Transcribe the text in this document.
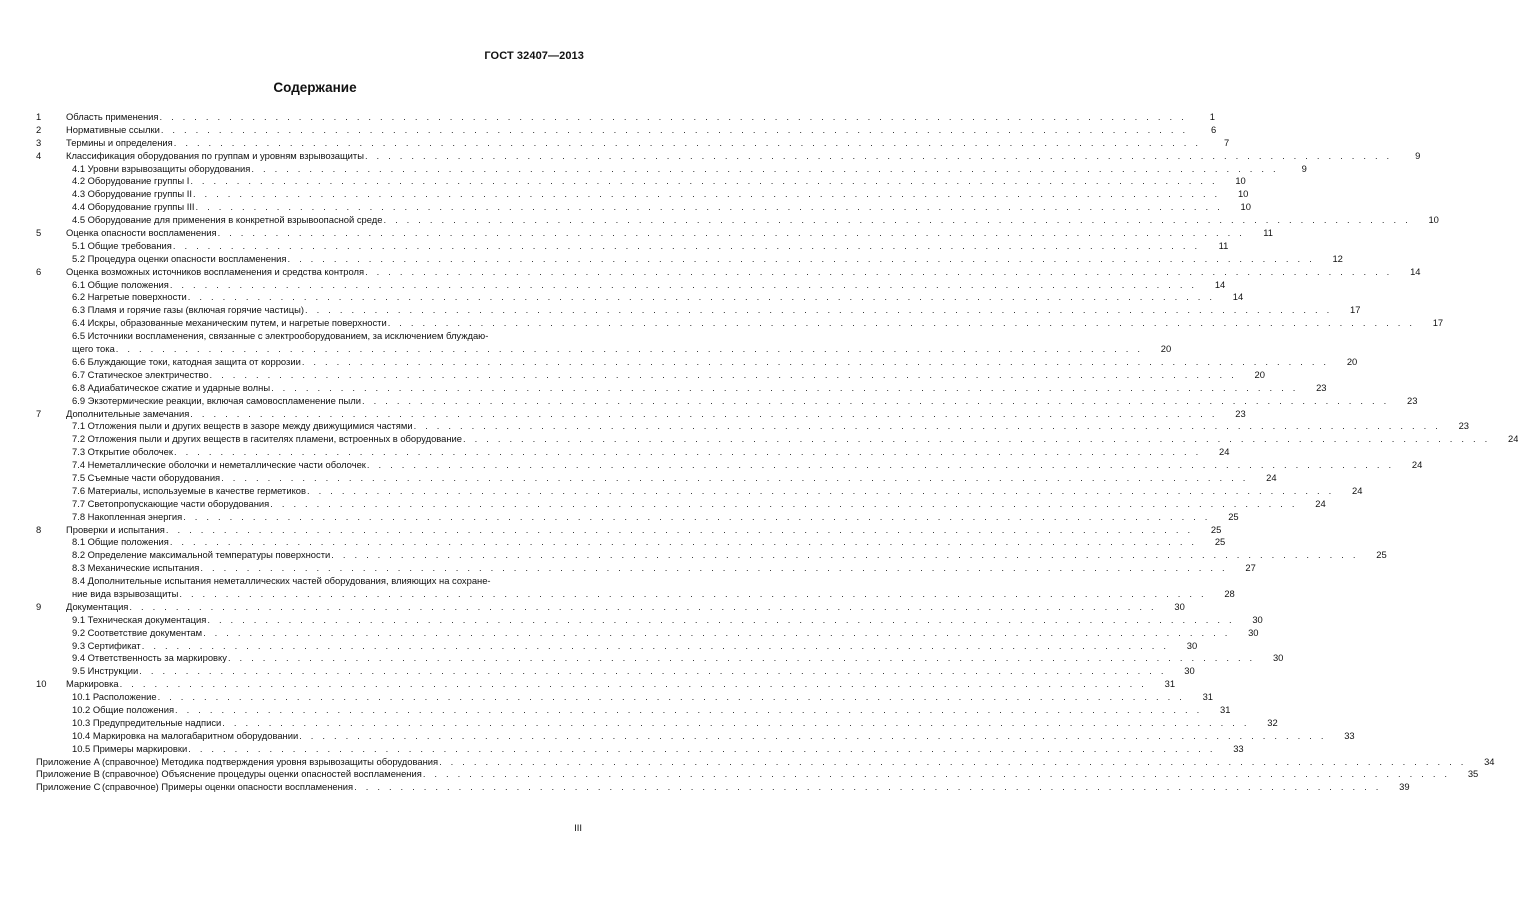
ГОСТ 32407—2013
Содержание
1	Область применения . . . . . . . . . . . . . . . . . . . . . . . . . . . . . . . . . . . . . . . . . . . . . . . . . . . . . . . . . . . . . . . . . . . . . . . . . . . . . . . . . . . . . . . . .	1
2	Нормативные ссылки . . . . . . . . . . . . . . . . . . . . . . . . . . . . . . . . . . . . . . . . . . . . . . . . . . . . . . . . . . . . . . . . . . . . . . . . . . . . . . . . . . . . . . . . .	6
3	Термины и определения . . . . . . . . . . . . . . . . . . . . . . . . . . . . . . . . . . . . . . . . . . . . . . . . . . . . . . . . . . . . . . . . . . . . . . . . . . . . . . . . . . . . . . . . .	7
4	Классификация оборудования по группам и уровням взрывозащиты . . . . . . . . . . . . . . . . . . . . . . . . . . . . . . . . . . . . . . . . . . . . . . . . . . . . . . . . . . . . . . . . . . . . . . . . . . . . . . . . . . . . . . . . .	9
4.1 Уровни взрывозащиты оборудования . . . . . . . . . . . . . . . . . . . . . . . . . . . . . . . . . . . . . . . . . . . . . . . . . . . . . . . . . . . . . . . . . . . . . . . . . . . . . . . . . . . . . . . . .	9
4.2 Оборудование группы I . . . . . . . . . . . . . . . . . . . . . . . . . . . . . . . . . . . . . . . . . . . . . . . . . . . . . . . . . . . . . . . . . . . . . . . . . . . . . . . . . . . . . . . . .	10
4.3 Оборудование группы II . . . . . . . . . . . . . . . . . . . . . . . . . . . . . . . . . . . . . . . . . . . . . . . . . . . . . . . . . . . . . . . . . . . . . . . . . . . . . . . . . . . . . . . . .	10
4.4 Оборудование группы III . . . . . . . . . . . . . . . . . . . . . . . . . . . . . . . . . . . . . . . . . . . . . . . . . . . . . . . . . . . . . . . . . . . . . . . . . . . . . . . . . . . . . . . . .	10
4.5 Оборудование для применения в конкретной взрывоопасной среде . . . . . . . . . . . . . . . . . . . . . . . . . . . . . . . . . . . . . . . . . . . . . . . . . . . . . . . . . . . . . . . . . . . . . . . . . . . . . . . . . . . . . . . . .	10
5	Оценка опасности воспламенения . . . . . . . . . . . . . . . . . . . . . . . . . . . . . . . . . . . . . . . . . . . . . . . . . . . . . . . . . . . . . . . . . . . . . . . . . . . . . . . . . . . . . . . . .	11
5.1 Общие требования . . . . . . . . . . . . . . . . . . . . . . . . . . . . . . . . . . . . . . . . . . . . . . . . . . . . . . . . . . . . . . . . . . . . . . . . . . . . . . . . . . . . . . . . .	11
5.2 Процедура оценки опасности воспламенения . . . . . . . . . . . . . . . . . . . . . . . . . . . . . . . . . . . . . . . . . . . . . . . . . . . . . . . . . . . . . . . . . . . . . . . . . . . . . . . . . . . . . . . . .	12
6	Оценка возможных источников воспламенения и средства контроля . . . . . . . . . . . . . . . . . . . . . . . . . . . . . . . . . . . . . . . . . . . . . . . . . . . . . . . . . . . . . . . . . . . . . . . . . . . . . . . . . . . . . . . . .	14
6.1 Общие положения . . . . . . . . . . . . . . . . . . . . . . . . . . . . . . . . . . . . . . . . . . . . . . . . . . . . . . . . . . . . . . . . . . . . . . . . . . . . . . . . . . . . . . . . .	14
6.2 Нагретые поверхности . . . . . . . . . . . . . . . . . . . . . . . . . . . . . . . . . . . . . . . . . . . . . . . . . . . . . . . . . . . . . . . . . . . . . . . . . . . . . . . . . . . . . . . . .	14
6.3 Пламя и горячие газы (включая горячие частицы) . . . . . . . . . . . . . . . . . . . . . . . . . . . . . . . . . . . . . . . . . . . . . . . . . . . . . . . . . . . . . . . . . . . . . . . . . . . . . . . . . . . . . . . . .	17
6.4 Искры, образованные механическим путем, и нагретые поверхности . . . . . . . . . . . . . . . . . . . . . . . . . . . . . . . . . . . . . . . . . . . . . . . . . . . . . . . . . . . . . . . . . . . . . . . . . . . . . . . . . . . . . . . . .	17
6.5 Источники воспламенения, связанные с электрооборудованием, за исключением блуждаю-
щего тока . . . . . . . . . . . . . . . . . . . . . . . . . . . . . . . . . . . . . . . . . . . . . . . . . . . . . . . . . . . . . . . . . . . . . . . . . . . . . . . . . . . . . . . . .	20
6.6 Блуждающие токи, катодная защита от коррозии . . . . . . . . . . . . . . . . . . . . . . . . . . . . . . . . . . . . . . . . . . . . . . . . . . . . . . . . . . . . . . . . . . . . . . . . . . . . . . . . . . . . . . . . .	20
6.7 Статическое электричество . . . . . . . . . . . . . . . . . . . . . . . . . . . . . . . . . . . . . . . . . . . . . . . . . . . . . . . . . . . . . . . . . . . . . . . . . . . . . . . . . . . . . . . . .	20
6.8 Адиабатическое сжатие и ударные волны . . . . . . . . . . . . . . . . . . . . . . . . . . . . . . . . . . . . . . . . . . . . . . . . . . . . . . . . . . . . . . . . . . . . . . . . . . . . . . . . . . . . . . . . .	23
6.9 Экзотермические реакции, включая самовоспламенение пыли . . . . . . . . . . . . . . . . . . . . . . . . . . . . . . . . . . . . . . . . . . . . . . . . . . . . . . . . . . . . . . . . . . . . . . . . . . . . . . . . . . . . . . . . .	23
7	Дополнительные замечания . . . . . . . . . . . . . . . . . . . . . . . . . . . . . . . . . . . . . . . . . . . . . . . . . . . . . . . . . . . . . . . . . . . . . . . . . . . . . . . . . . . . . . . . .	23
7.1 Отложения пыли и других веществ в зазоре между движущимися частями . . . . . . . . . . . . . . . . . . . . . . . . . . . . . . . . . . . . . . . . . . . . . . . . . . . . . . . . . . . . . . . . . . . . . . . . . . . . . . . . . . . . . . . . .	23
7.2 Отложения пыли и других веществ в гасителях пламени, встроенных в оборудование . . . . . . . . . . . . . . . . . . . . . . . . . . . . . . . . . . . . . . . . . . . . . . . . . . . . . . . . . . . . . . . . . . . . . . . . . . . . . . . . . . . . . . . . .	24
7.3 Открытие оболочек . . . . . . . . . . . . . . . . . . . . . . . . . . . . . . . . . . . . . . . . . . . . . . . . . . . . . . . . . . . . . . . . . . . . . . . . . . . . . . . . . . . . . . . . .	24
7.4 Неметаллические оболочки и неметаллические части оболочек . . . . . . . . . . . . . . . . . . . . . . . . . . . . . . . . . . . . . . . . . . . . . . . . . . . . . . . . . . . . . . . . . . . . . . . . . . . . . . . . . . . . . . . . .	24
7.5 Съемные части оборудования . . . . . . . . . . . . . . . . . . . . . . . . . . . . . . . . . . . . . . . . . . . . . . . . . . . . . . . . . . . . . . . . . . . . . . . . . . . . . . . . . . . . . . . . .	24
7.6 Материалы, используемые в качестве герметиков . . . . . . . . . . . . . . . . . . . . . . . . . . . . . . . . . . . . . . . . . . . . . . . . . . . . . . . . . . . . . . . . . . . . . . . . . . . . . . . . . . . . . . . . .	24
7.7 Светопропускающие части оборудования . . . . . . . . . . . . . . . . . . . . . . . . . . . . . . . . . . . . . . . . . . . . . . . . . . . . . . . . . . . . . . . . . . . . . . . . . . . . . . . . . . . . . . . . .	24
7.8 Накопленная энергия . . . . . . . . . . . . . . . . . . . . . . . . . . . . . . . . . . . . . . . . . . . . . . . . . . . . . . . . . . . . . . . . . . . . . . . . . . . . . . . . . . . . . . . . .	25
8	Проверки и испытания . . . . . . . . . . . . . . . . . . . . . . . . . . . . . . . . . . . . . . . . . . . . . . . . . . . . . . . . . . . . . . . . . . . . . . . . . . . . . . . . . . . . . . . . .	25
8.1 Общие положения . . . . . . . . . . . . . . . . . . . . . . . . . . . . . . . . . . . . . . . . . . . . . . . . . . . . . . . . . . . . . . . . . . . . . . . . . . . . . . . . . . . . . . . . .	25
8.2 Определение максимальной температуры поверхности . . . . . . . . . . . . . . . . . . . . . . . . . . . . . . . . . . . . . . . . . . . . . . . . . . . . . . . . . . . . . . . . . . . . . . . . . . . . . . . . . . . . . . . . .	25
8.3 Механические испытания . . . . . . . . . . . . . . . . . . . . . . . . . . . . . . . . . . . . . . . . . . . . . . . . . . . . . . . . . . . . . . . . . . . . . . . . . . . . . . . . . . . . . . . . .	27
8.4 Дополнительные испытания неметаллических частей оборудования, влияющих на сохране-
ние вида взрывозащиты . . . . . . . . . . . . . . . . . . . . . . . . . . . . . . . . . . . . . . . . . . . . . . . . . . . . . . . . . . . . . . . . . . . . . . . . . . . . . . . . . . . . . . . . .	28
9	Документация . . . . . . . . . . . . . . . . . . . . . . . . . . . . . . . . . . . . . . . . . . . . . . . . . . . . . . . . . . . . . . . . . . . . . . . . . . . . . . . . . . . . . . . . .	30
9.1 Техническая документация . . . . . . . . . . . . . . . . . . . . . . . . . . . . . . . . . . . . . . . . . . . . . . . . . . . . . . . . . . . . . . . . . . . . . . . . . . . . . . . . . . . . . . . . .	30
9.2 Соответствие документам . . . . . . . . . . . . . . . . . . . . . . . . . . . . . . . . . . . . . . . . . . . . . . . . . . . . . . . . . . . . . . . . . . . . . . . . . . . . . . . . . . . . . . . . .	30
9.3 Сертификат . . . . . . . . . . . . . . . . . . . . . . . . . . . . . . . . . . . . . . . . . . . . . . . . . . . . . . . . . . . . . . . . . . . . . . . . . . . . . . . . . . . . . . . . .	30
9.4 Ответственность за маркировку . . . . . . . . . . . . . . . . . . . . . . . . . . . . . . . . . . . . . . . . . . . . . . . . . . . . . . . . . . . . . . . . . . . . . . . . . . . . . . . . . . . . . . . . .	30
9.5 Инструкции . . . . . . . . . . . . . . . . . . . . . . . . . . . . . . . . . . . . . . . . . . . . . . . . . . . . . . . . . . . . . . . . . . . . . . . . . . . . . . . . . . . . . . . . .	30
10 Маркировка . . . . . . . . . . . . . . . . . . . . . . . . . . . . . . . . . . . . . . . . . . . . . . . . . . . . . . . . . . . . . . . . . . . . . . . . . . . . . . . . . . . . . . . . .	31
10.1 Расположение . . . . . . . . . . . . . . . . . . . . . . . . . . . . . . . . . . . . . . . . . . . . . . . . . . . . . . . . . . . . . . . . . . . . . . . . . . . . . . . . . . . . . . . . .	31
10.2 Общие положения . . . . . . . . . . . . . . . . . . . . . . . . . . . . . . . . . . . . . . . . . . . . . . . . . . . . . . . . . . . . . . . . . . . . . . . . . . . . . . . . . . . . . . . . .	31
10.3 Предупредительные надписи . . . . . . . . . . . . . . . . . . . . . . . . . . . . . . . . . . . . . . . . . . . . . . . . . . . . . . . . . . . . . . . . . . . . . . . . . . . . . . . . . . . . . . . . .	32
10.4 Маркировка на малогабаритном оборудовании . . . . . . . . . . . . . . . . . . . . . . . . . . . . . . . . . . . . . . . . . . . . . . . . . . . . . . . . . . . . . . . . . . . . . . . . . . . . . . . . . . . . . . . . .	33
10.5 Примеры маркировки . . . . . . . . . . . . . . . . . . . . . . . . . . . . . . . . . . . . . . . . . . . . . . . . . . . . . . . . . . . . . . . . . . . . . . . . . . . . . . . . . . . . . . . . .	33
Приложение А (справочное) Методика подтверждения уровня взрывозащиты оборудования . . . . . . . . . . . . . . . . . . . . . . . . . . . . . . . . . . . . . . . . . . . . . . . . . . . . . . . . . . . . . . . . . . . . . . . . . . . . . . . . . . . . . . . . .	34
Приложение В (справочное) Объяснение процедуры оценки опасностей воспламенения . . . . . . . . . . . . . . . . . . . . . . . . . . . . . . . . . . . . . . . . . . . . . . . . . . . . . . . . . . . . . . . . . . . . . . . . . . . . . . . . . . . . . . . . .	35
Приложение С (справочное) Примеры оценки опасности воспламенения . . . . . . . . . . . . . . . . . . . . . . . . . . . . . . . . . . . . . . . . . . . . . . . . . . . . . . . . . . . . . . . . . . . . . . . . . . . . . . . . . . . . . . . . .	39
III
